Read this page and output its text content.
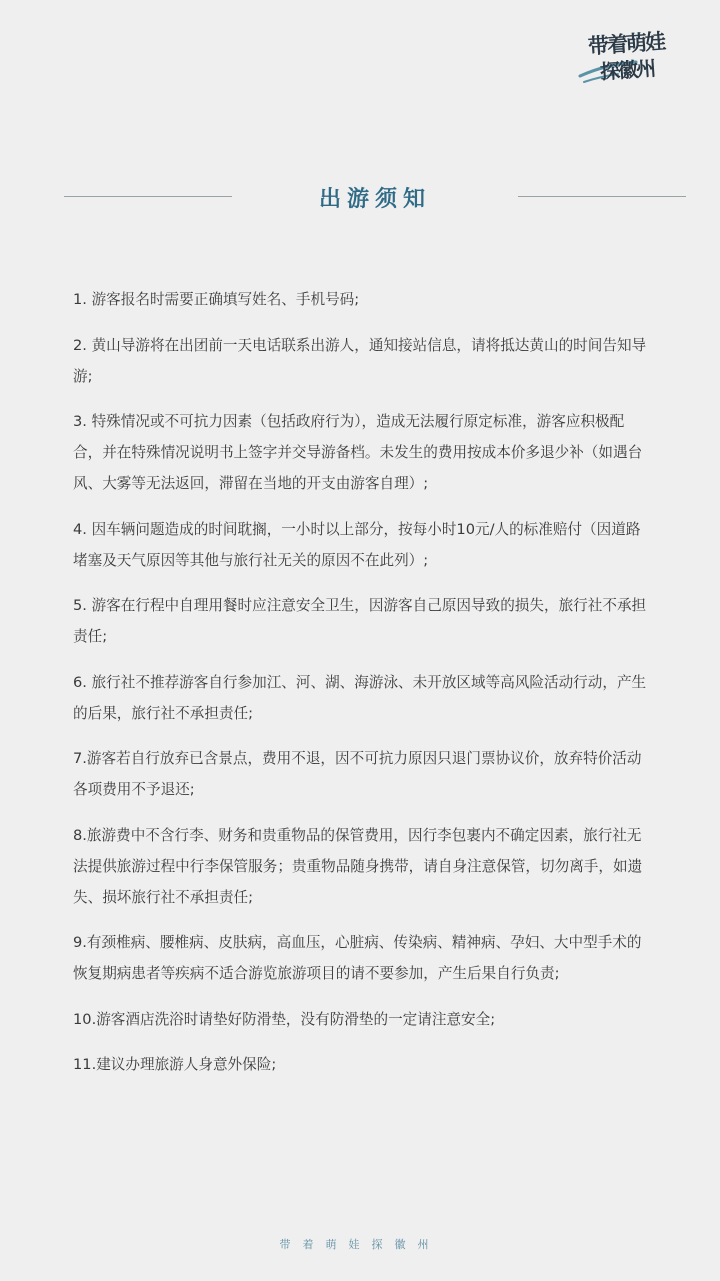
带着萌娃
探徽州
出游须知

1. 游客报名时需要正确填写姓名、手机号码;

2. 黄山导游将在出团前一天电话联系出游人，通知接站信息，请将抵达黄山的时间告知导游;

3. 特殊情况或不可抗力因素（包括政府行为），造成无法履行原定标准，游客应积极配合，并在特殊情况说明书上签字并交导游备档。未发生的费用按成本价多退少补（如遇台风、大雾等无法返回，滞留在当地的开支由游客自理）;

4. 因车辆问题造成的时间耽搁，一小时以上部分，按每小时10元/人的标准赔付（因道路堵塞及天气原因等其他与旅行社无关的原因不在此列）;

5. 游客在行程中自理用餐时应注意安全卫生，因游客自己原因导致的损失，旅行社不承担责任;

6. 旅行社不推荐游客自行参加江、河、湖、海游泳、未开放区域等高风险活动行动，产生的后果，旅行社不承担责任;

7.游客若自行放弃已含景点，费用不退，因不可抗力原因只退门票协议价，放弃特价活动各项费用不予退还;

8.旅游费中不含行李、财务和贵重物品的保管费用，因行李包裹内不确定因素，旅行社无法提供旅游过程中行李保管服务；贵重物品随身携带，请自身注意保管，切勿离手，如遗失、损坏旅行社不承担责任;

9.有颈椎病、腰椎病、皮肤病，高血压，心脏病、传染病、精神病、孕妇、大中型手术的恢复期病患者等疾病不适合游览旅游项目的请不要参加，产生后果自行负责;

10.游客酒店洗浴时请垫好防滑垫，没有防滑垫的一定请注意安全;

11.建议办理旅游人身意外保险;

带着萌娃探徽州
